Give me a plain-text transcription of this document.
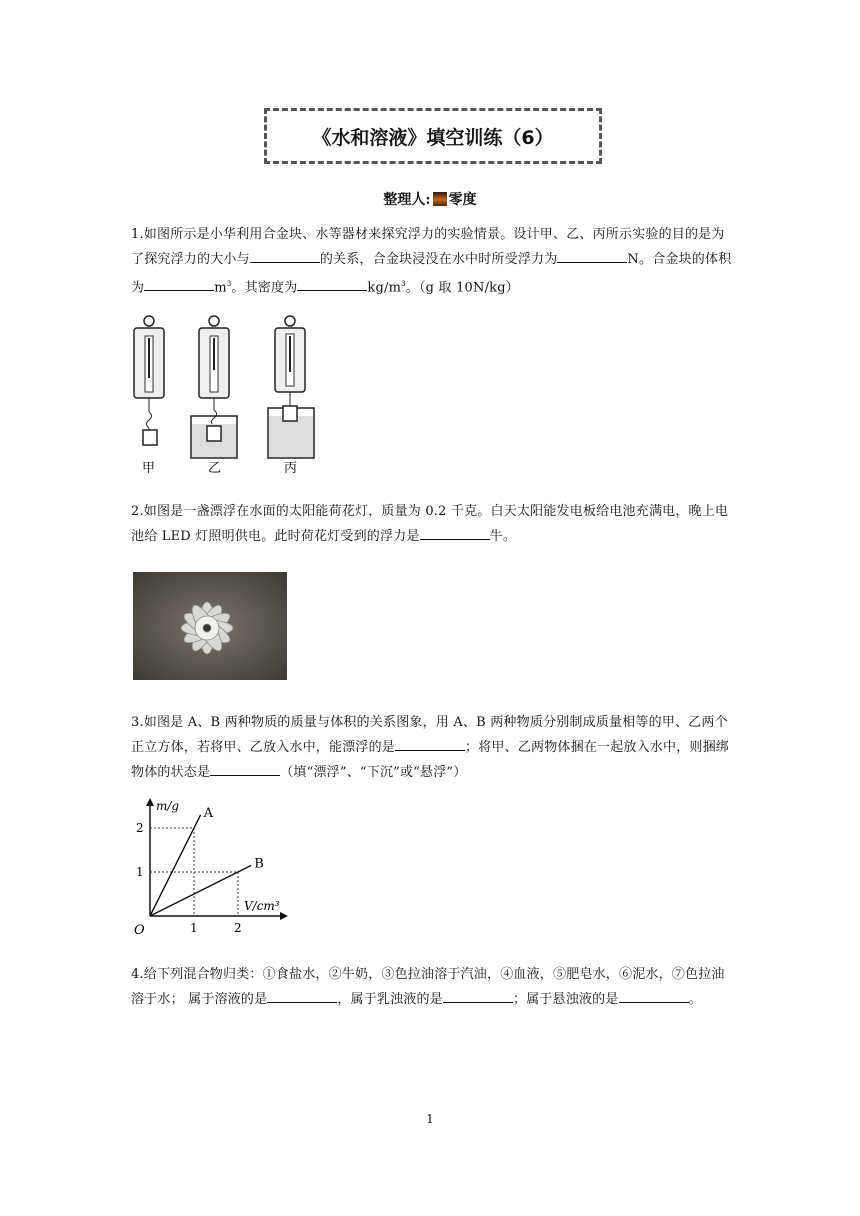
《水和溶液》填空训练（6）
整理人: 零度
1.如图所示是小华利用合金块、水等器材来探究浮力的实验情景。设计甲、乙、丙所示实验的目的是为了探究浮力的大小与	的关系，合金块浸没在水中时所受浮力为	N。合金块的体积为	$m^3$。其密度为	$kg/m^3$。（g 取 10N/kg）
甲	乙	丙
2.如图是一盏漂浮在水面的太阳能荷花灯，质量为 0.2 千克。白天太阳能发电板给电池充满电，晚上电池给 LED 灯照明供电。此时荷花灯受到的浮力是	牛。
3.如图是 A、B 两种物质的质量与体积的关系图象，用 A、B 两种物质分别制成质量相等的甲、乙两个正立方体，若将甲、乙放入水中，能漂浮的是	；将甲、乙两物体捆在一起放入水中，则捆绑物体的状态是	（填“漂浮”、“下沉”或“悬浮”）
m/g
V/cm³
O
A
B
1	2
1
2
4.给下列混合物归类：①食盐水，②牛奶，③色拉油溶于汽油，④血液，⑤肥皂水，⑥泥水，⑦色拉油溶于水； 属于溶液的是	，属于乳浊液的是	；属于悬浊液的是	。
1
